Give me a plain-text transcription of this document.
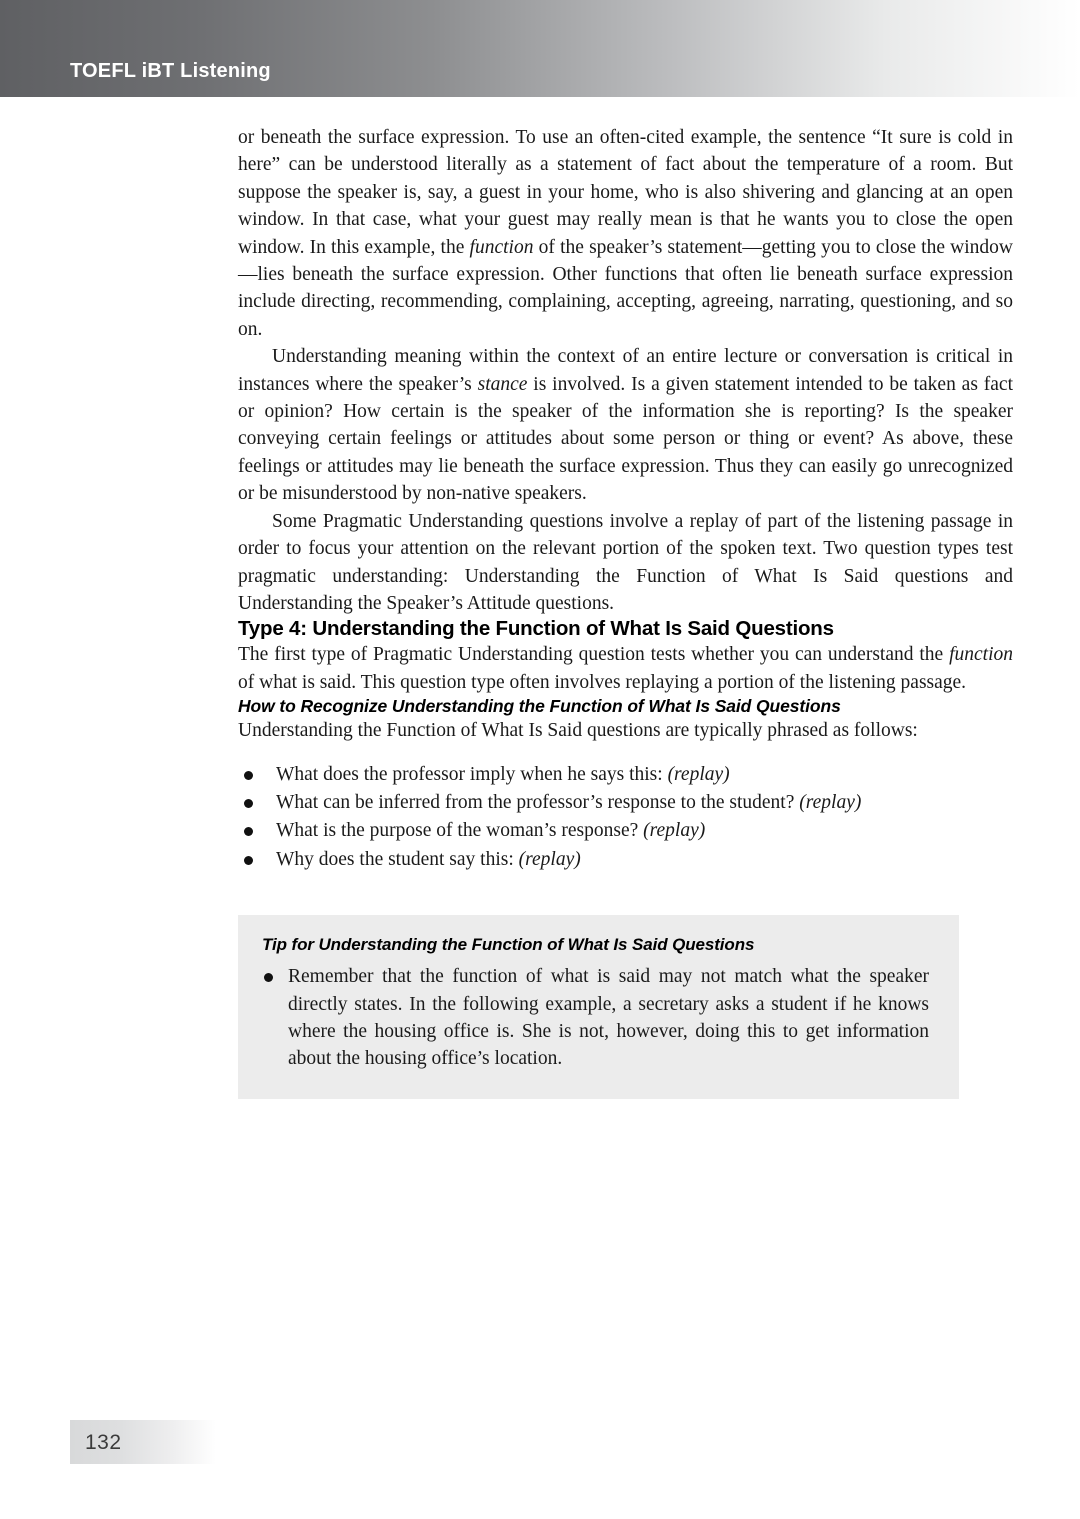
TOEFL iBT Listening

or beneath the surface expression. To use an often-cited example, the sentence “It sure is cold in here” can be understood literally as a statement of fact about the temperature of a room. But suppose the speaker is, say, a guest in your home, who is also shivering and glancing at an open window. In that case, what your guest may really mean is that he wants you to close the open window. In this example, the function of the speaker’s statement—getting you to close the window—lies beneath the surface expression. Other functions that often lie beneath surface expression include directing, recommending, complaining, accepting, agreeing, narrating, questioning, and so on.

Understanding meaning within the context of an entire lecture or conversation is critical in instances where the speaker’s stance is involved. Is a given statement intended to be taken as fact or opinion? How certain is the speaker of the information she is reporting? Is the speaker conveying certain feelings or attitudes about some person or thing or event? As above, these feelings or attitudes may lie beneath the surface expression. Thus they can easily go unrecognized or be misunderstood by non-native speakers.

Some Pragmatic Understanding questions involve a replay of part of the listening passage in order to focus your attention on the relevant portion of the spoken text. Two question types test pragmatic understanding: Understanding the Function of What Is Said questions and Understanding the Speaker’s Attitude questions.

Type 4: Understanding the Function of What Is Said Questions

The first type of Pragmatic Understanding question tests whether you can understand the function of what is said. This question type often involves replaying a portion of the listening passage.

How to Recognize Understanding the Function of What Is Said Questions

Understanding the Function of What Is Said questions are typically phrased as follows:

What does the professor imply when he says this: (replay)
What can be inferred from the professor’s response to the student? (replay)
What is the purpose of the woman’s response? (replay)
Why does the student say this: (replay)
Tip for Understanding the Function of What Is Said Questions
Remember that the function of what is said may not match what the speaker directly states. In the following example, a secretary asks a student if he knows where the housing office is. She is not, however, doing this to get information about the housing office’s location.
132
